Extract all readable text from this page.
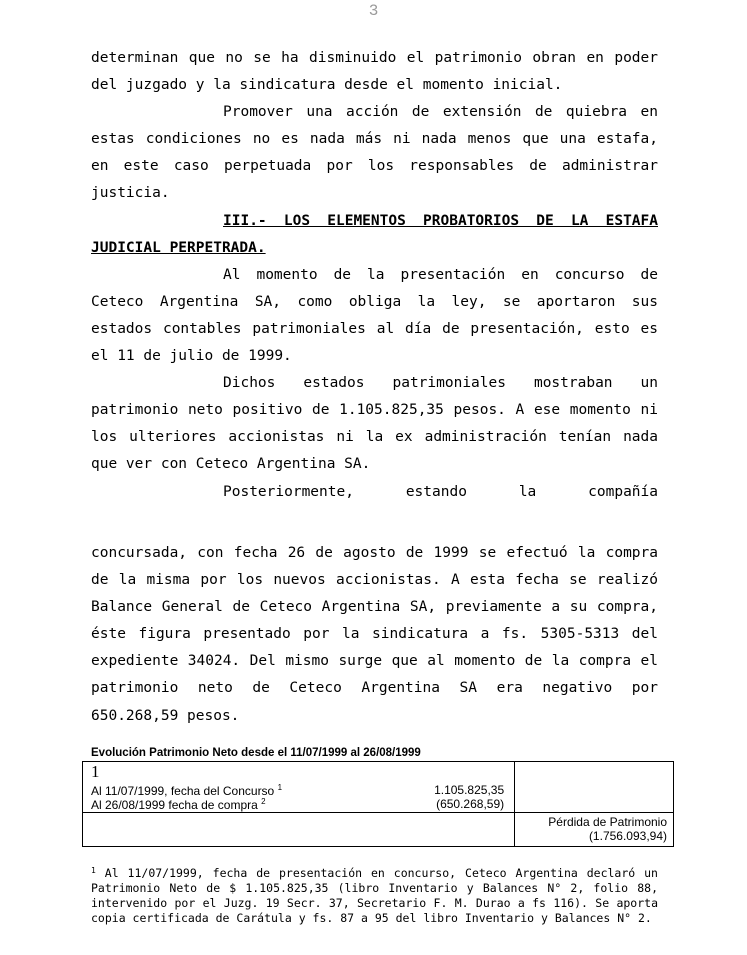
3

determinan que no se ha disminuido el patrimonio obran en poder del juzgado y la sindicatura desde el momento inicial.

Promover una acción de extensión de quiebra en estas condiciones no es nada más ni nada menos que una estafa, en este caso perpetuada por los responsables de administrar justicia.

III.- LOS ELEMENTOS PROBATORIOS DE LA ESTAFA JUDICIAL PERPETRADA.

Al momento de la presentación en concurso de Ceteco Argentina SA, como obliga la ley, se aportaron sus estados contables patrimoniales al día de presentación, esto es el 11 de julio de 1999.

Dichos estados patrimoniales mostraban un patrimonio neto positivo de 1.105.825,35 pesos. A ese momento ni los ulteriores accionistas ni la ex administración tenían nada que ver con Ceteco Argentina SA.

Posteriormente, estando la compañía

concursada, con fecha 26 de agosto de 1999 se efectuó la compra de la misma por los nuevos accionistas. A esta fecha se realizó Balance General de Ceteco Argentina SA, previamente a su compra, éste figura presentado por la sindicatura a fs. 5305-5313 del expediente 34024. Del mismo surge que al momento de la compra el patrimonio neto de Ceteco Argentina SA era negativo por 650.268,59 pesos.

Evolución Patrimonio Neto desde el 11/07/1999 al 26/08/1999
1
Al 11/07/1999, fecha del Concurso $^1$ 1.105.825,35
Al 26/08/1999 fecha de compra $^2$ (650.268,59)	

	Pérdida de Patrimonio
(1.756.093,94)
$^1$ Al 11/07/1999, fecha de presentación en concurso, Ceteco Argentina declaró un Patrimonio Neto de $ 1.105.825,35 (libro Inventario y Balances N° 2, folio 88, intervenido por el Juzg. 19 Secr. 37, Secretario F. M. Durao a fs 116). Se aporta copia certificada de Carátula y fs. 87 a 95 del libro Inventario y Balances N° 2.
